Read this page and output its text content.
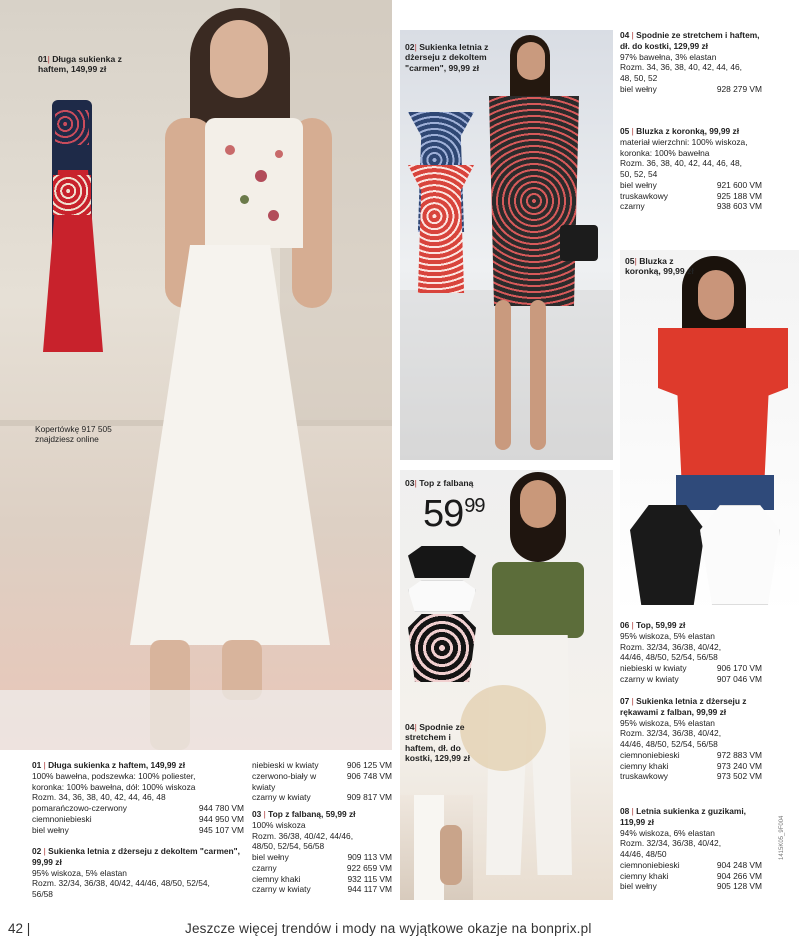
01| Długa sukienka z haftem, 149,99 zł
Kopertówkę 917 505 znajdziesz online
02| Sukienka letnia z dżerseju z dekoltem "carmen", 99,99 zł
03| Top z falbaną
$59^{99}$
04| Spodnie ze stretchem i haftem, dł. do kostki, 129,99 zł
05| Bluzka z koronką, 99,99 zł
01 | Długa sukienka z haftem, 149,99 zł
100% bawełna, podszewka: 100% poliester,
koronka: 100% bawełna, dół: 100% wiskoza
Rozm. 34, 36, 38, 40, 42, 44, 46, 48
pomarańczowo-czerwony	944 780 VM
ciemnoniebieski	944 950 VM
biel wełny	945 107 VM
02 | Sukienka letnia z dżerseju z dekoltem "carmen", 99,99 zł
95% wiskoza, 5% elastan
Rozm. 32/34, 36/38, 40/42, 44/46, 48/50, 52/54,
56/58
niebieski w kwiaty	906 125 VM
czerwono-biały w kwiaty
906 748 VM
czarny w kwiaty	909 817 VM
03 | Top z falbaną, 59,99 zł
100% wiskoza
Rozm. 36/38, 40/42, 44/46,
48/50, 52/54, 56/58
biel wełny	909 113 VM
czarny	922 659 VM
ciemny khaki	932 115 VM
czarny w kwiaty	944 117 VM
04 | Spodnie ze stretchem i haftem, dł. do kostki, 129,99 zł
97% bawełna, 3% elastan
Rozm. 34, 36, 38, 40, 42, 44, 46,
48, 50, 52
biel wełny	928 279 VM
05 | Bluzka z koronką, 99,99 zł
materiał wierzchni: 100% wiskoza,
koronka: 100% bawełna
Rozm. 36, 38, 40, 42, 44, 46, 48,
50, 52, 54
biel wełny	921 600 VM
truskawkowy	925 188 VM
czarny	938 603 VM
06 | Top, 59,99 zł
95% wiskoza, 5% elastan
Rozm. 32/34, 36/38, 40/42,
44/46, 48/50, 52/54, 56/58
niebieski w kwiaty	906 170 VM
czarny w kwiaty	907 046 VM
07 | Sukienka letnia z dżerseju z rękawami z falban, 99,99 zł
95% wiskoza, 5% elastan
Rozm. 32/34, 36/38, 40/42,
44/46, 48/50, 52/54, 56/58
ciemnoniebieski	972 883 VM
ciemny khaki	973 240 VM
truskawkowy	973 502 VM
08 | Letnia sukienka z guzikami, 119,99 zł
94% wiskoza, 6% elastan
Rozm. 32/34, 36/38, 40/42,
44/46, 48/50
ciemnoniebieski	904 248 VM
ciemny khaki	904 266 VM
biel wełny	905 128 VM
42 |	Jeszcze więcej trendów i mody na wyjątkowe okazje na bonprix.pl
1415K05_9F004
